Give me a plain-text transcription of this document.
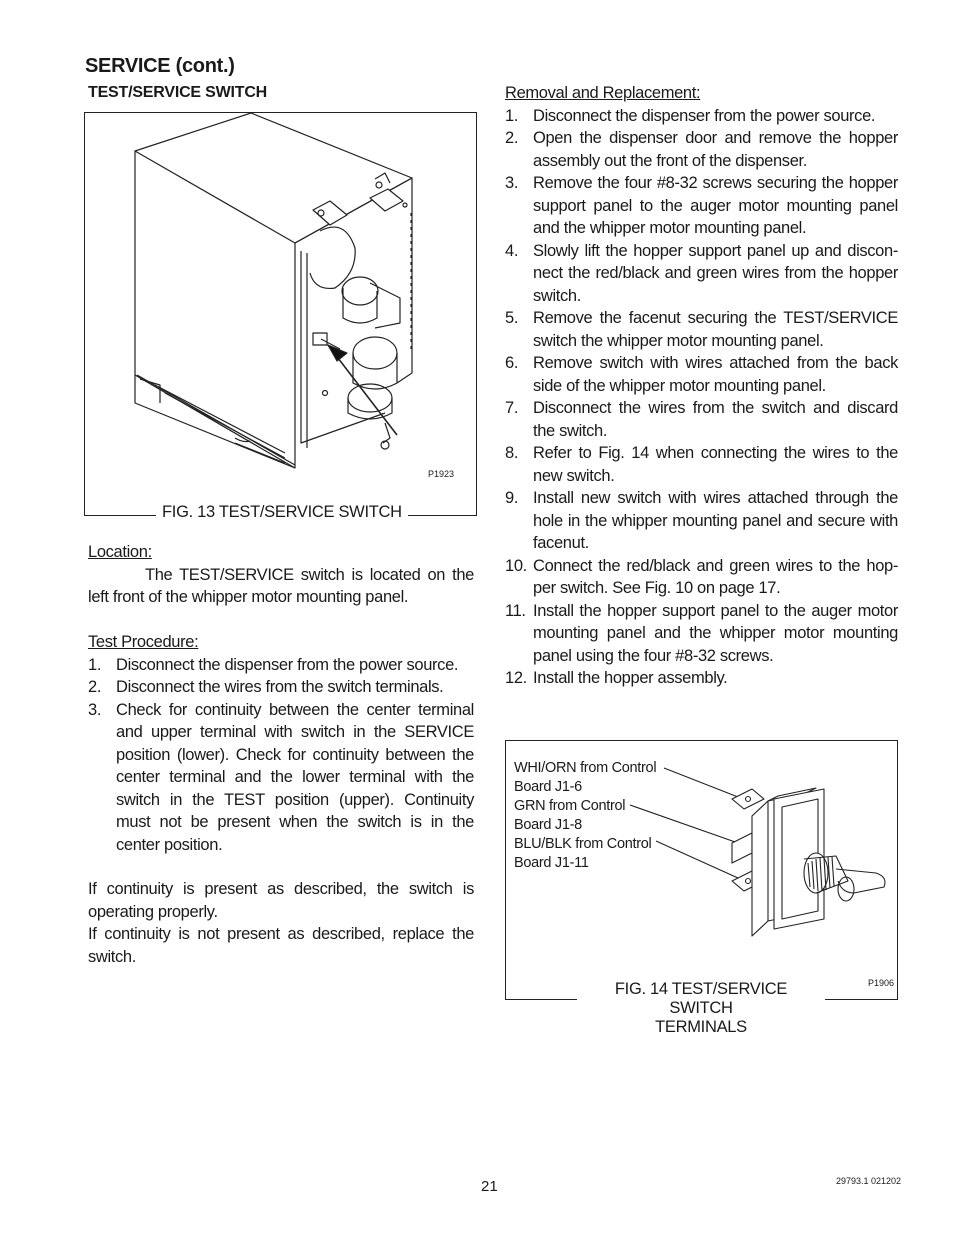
SERVICE (cont.)
TEST/SERVICE SWITCH
P1923
FIG. 13 TEST/SERVICE SWITCH
Location:
The TEST/SERVICE switch is located on the left front of the whipper motor mounting panel.
Test Procedure:
1. Disconnect the dispenser from the power source.
2. Disconnect the wires from the switch terminals.
3. Check for continuity between the center terminal and upper terminal with switch in the SERVICE position (lower). Check for continuity between the center terminal and the lower terminal with the switch in the TEST position (upper). Continuity must not be present when the switch is in the center position.
If continuity is present as described, the switch is operating properly.
If continuity is not present as described, replace the switch.
Removal and Replacement:
1. Disconnect the dispenser from the power source.
2. Open the dispenser door and remove the hopper assembly out the front of the dispenser.
3. Remove the four #8-32 screws securing the hopper support panel to the auger motor mounting panel and the whipper motor mounting panel.
4. Slowly lift the hopper support panel up and discon-nect the red/black and green wires from the hopper switch.
5. Remove the facenut securing the TEST/SERVICE switch the whipper motor mounting panel.
6. Remove switch with wires attached from the back side of the whipper motor mounting panel.
7. Disconnect the wires from the switch and discard the switch.
8. Refer to Fig. 14 when connecting the wires to the new switch.
9. Install new switch with wires attached through the hole in the whipper mounting panel and secure with facenut.
10. Connect the red/black and green wires to the hop-per switch. See Fig. 10 on page 17.
11. Install the hopper support panel to the auger motor mounting panel and the whipper motor mounting panel using the four #8-32 screws.
12. Install the hopper assembly.
WHI/ORN from Control
Board J1-6
GRN from Control
Board J1-8
BLU/BLK from Control
Board J1-11
P1906
FIG. 14 TEST/SERVICE SWITCH
TERMINALS
21	29793.1 021202
